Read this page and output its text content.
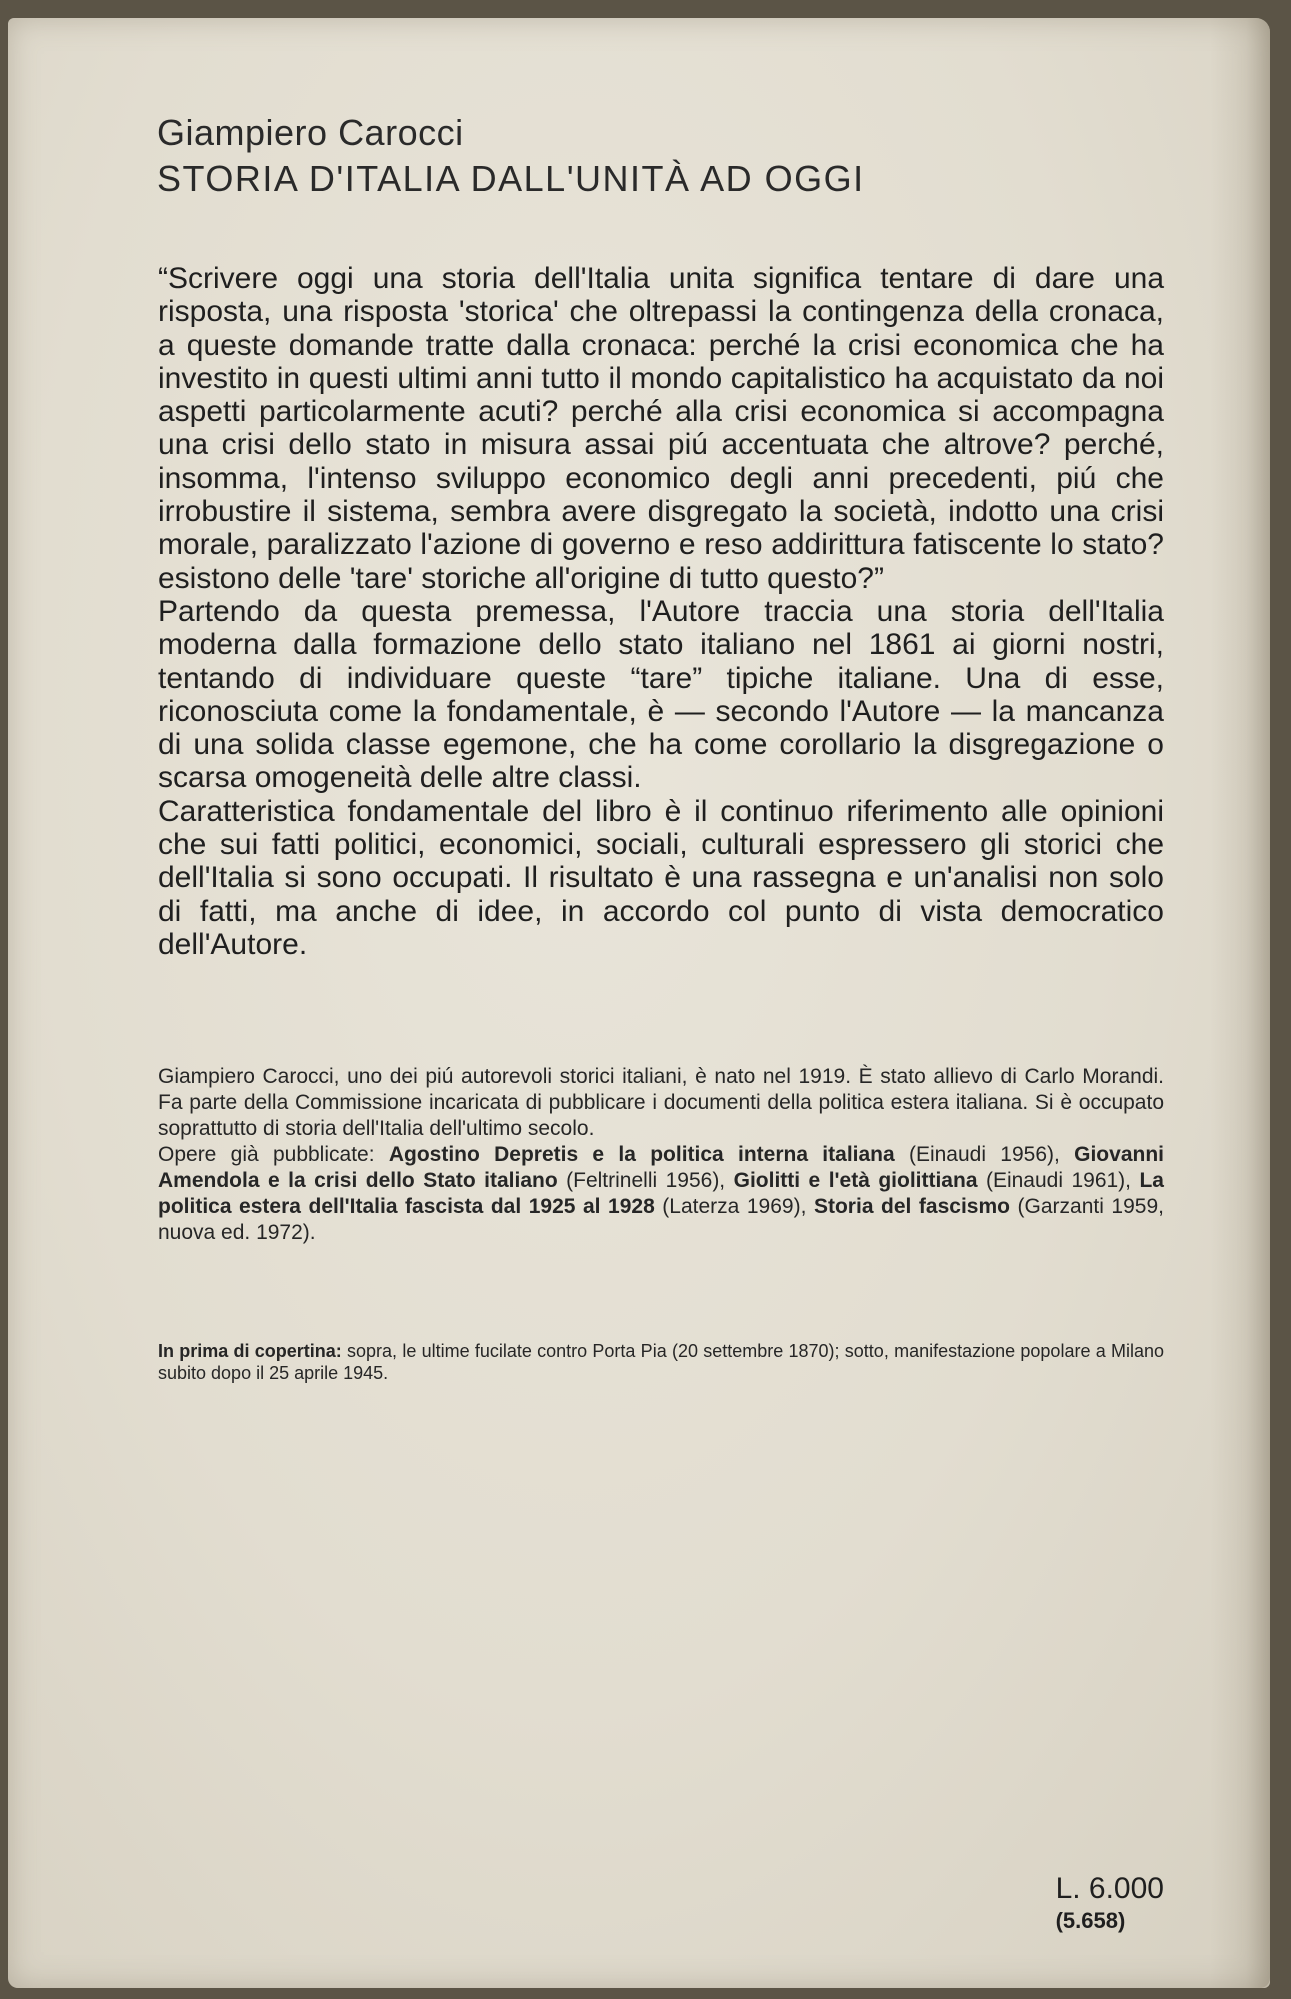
Giampiero Carocci
STORIA D'ITALIA DALL'UNITÀ AD OGGI

“Scrivere oggi una storia dell'Italia unita significa tentare di dare una risposta, una risposta 'storica' che oltrepassi la contingenza della cronaca, a queste domande tratte dalla cronaca: perché la crisi economica che ha investito in questi ultimi anni tutto il mondo capitalistico ha acquistato da noi aspetti particolarmente acuti? perché alla crisi economica si accompagna una crisi dello stato in misura assai piú accentuata che altrove? perché, insomma, l'intenso sviluppo economico degli anni precedenti, piú che irrobustire il sistema, sembra avere disgregato la società, indotto una crisi morale, paralizzato l'azione di governo e reso addirittura fatiscente lo stato? esistono delle 'tare' storiche all'origine di tutto questo?”

Partendo da questa premessa, l'Autore traccia una storia dell'Italia moderna dalla formazione dello stato italiano nel 1861 ai giorni nostri, tentando di individuare queste “tare” tipiche italiane. Una di esse, riconosciuta come la fondamentale, è — secondo l'Autore — la mancanza di una solida classe egemone, che ha come corollario la disgregazione o scarsa omogeneità delle altre classi.

Caratteristica fondamentale del libro è il continuo riferimento alle opinioni che sui fatti politici, economici, sociali, culturali espressero gli storici che dell'Italia si sono occupati. Il risultato è una rassegna e un'analisi non solo di fatti, ma anche di idee, in accordo col punto di vista democratico dell'Autore.

Giampiero Carocci, uno dei piú autorevoli storici italiani, è nato nel 1919. È stato allievo di Carlo Morandi. Fa parte della Commissione incaricata di pubblicare i documenti della politica estera italiana. Si è occupato soprattutto di storia dell'Italia dell'ultimo secolo.

Opere già pubblicate: Agostino Depretis e la politica interna italiana (Einaudi 1956), Giovanni Amendola e la crisi dello Stato italiano (Feltrinelli 1956), Giolitti e l'età giolittiana (Einaudi 1961), La politica estera dell'Italia fascista dal 1925 al 1928 (Laterza 1969), Storia del fascismo (Garzanti 1959, nuova ed. 1972).

In prima di copertina: sopra, le ultime fucilate contro Porta Pia (20 settembre 1870); sotto, manifestazione popolare a Milano subito dopo il 25 aprile 1945.
L. 6.000
(5.658)
